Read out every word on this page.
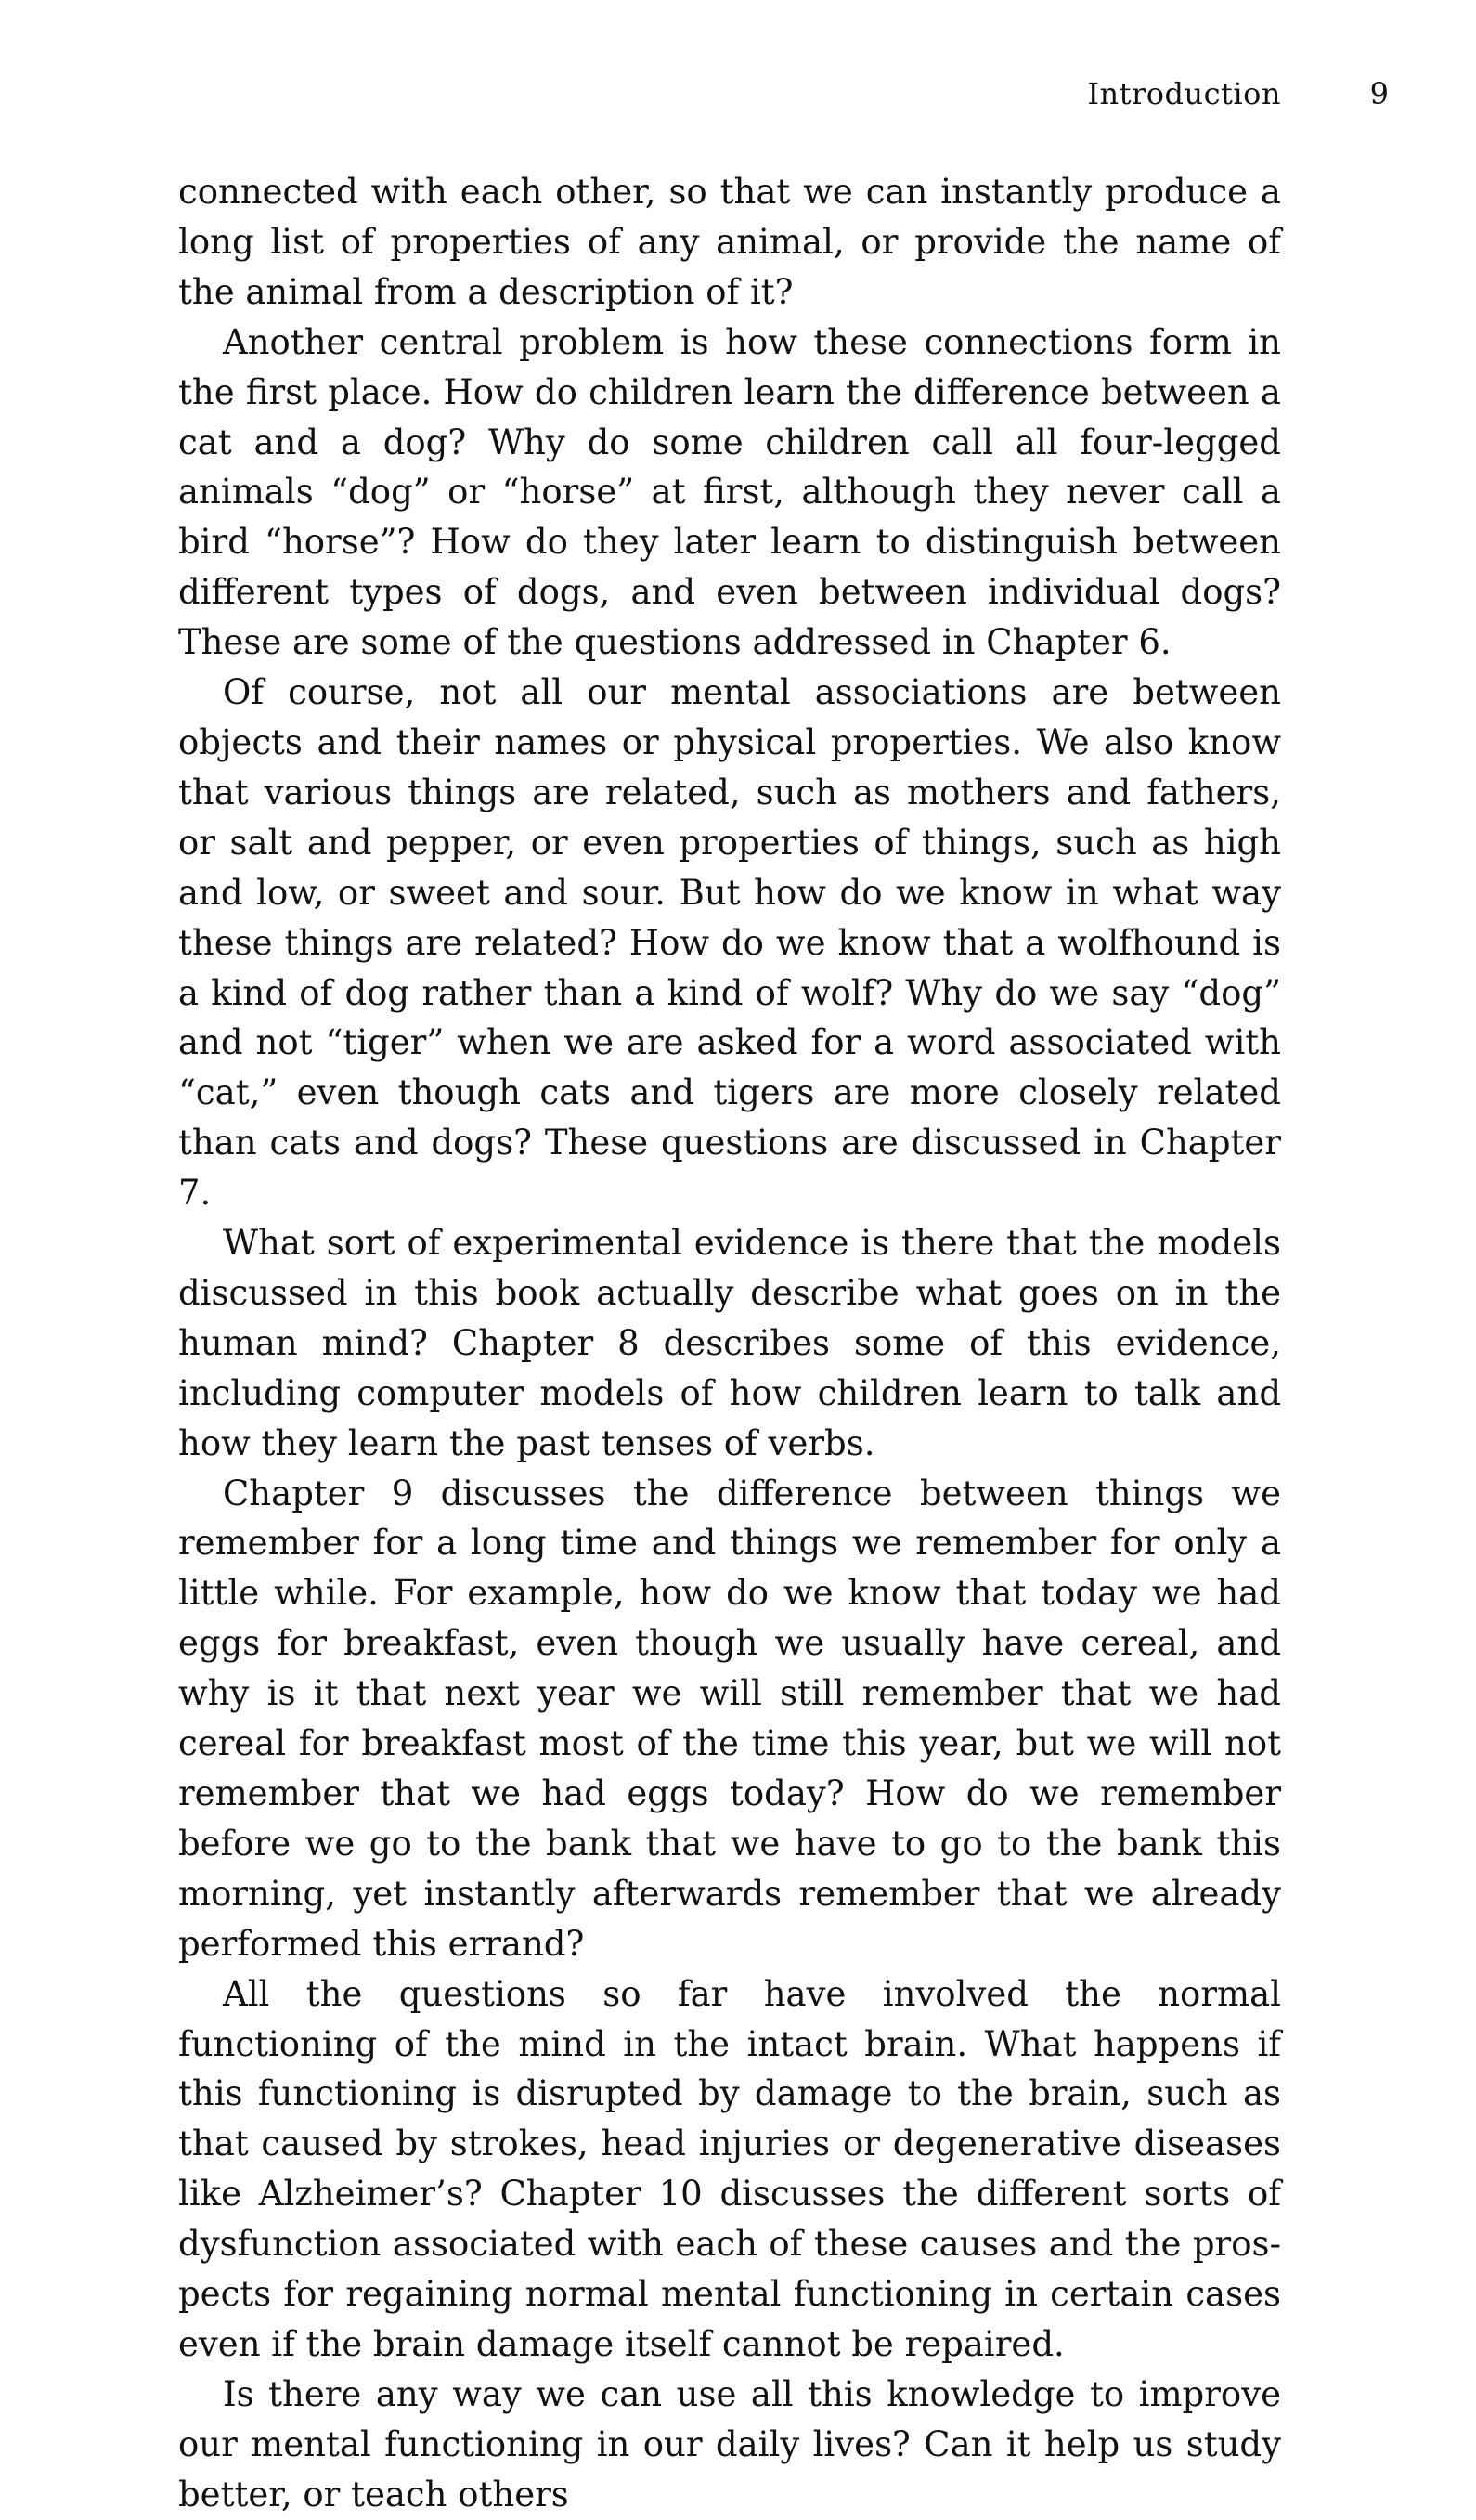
Introduction	9

connected with each other, so that we can instantly produce a long list of properties of any animal, or provide the name of the animal from a description of it?

Another central problem is how these connections form in the first place. How do children learn the difference between a cat and a dog? Why do some children call all four-legged animals “dog” or “horse” at first, although they never call a bird “horse”? How do they later learn to distinguish between different types of dogs, and even between individual dogs? These are some of the questions addressed in Chapter 6.

Of course, not all our mental associations are between objects and their names or physical properties. We also know that various things are related, such as mothers and fathers, or salt and pepper, or even properties of things, such as high and low, or sweet and sour. But how do we know in what way these things are related? How do we know that a wolfhound is a kind of dog rather than a kind of wolf? Why do we say “dog” and not “tiger” when we are asked for a word associated with “cat,” even though cats and tigers are more closely related than cats and dogs? These questions are discussed in Chapter 7.

What sort of experimental evidence is there that the models discussed in this book actually describe what goes on in the human mind? Chapter 8 describes some of this evidence, including computer models of how children learn to talk and how they learn the past tenses of verbs.

Chapter 9 discusses the difference between things we remember for a long time and things we remember for only a little while. For example, how do we know that today we had eggs for breakfast, even though we usually have cereal, and why is it that next year we will still remember that we had cereal for breakfast most of the time this year, but we will not remember that we had eggs today? How do we remember before we go to the bank that we have to go to the bank this morning, yet instantly afterwards remember that we already performed this errand?

All the questions so far have involved the normal functioning of the mind in the intact brain. What happens if this functioning is disrupted by damage to the brain, such as that caused by strokes, head injuries or degenerative diseases like Alzheimer’s? Chapter 10 discusses the different sorts of dysfunction associated with each of these causes and the prospects for regaining normal mental functioning in certain cases even if the brain damage itself cannot be repaired.

Is there any way we can use all this knowledge to improve our mental functioning in our daily lives? Can it help us study better, or teach others
